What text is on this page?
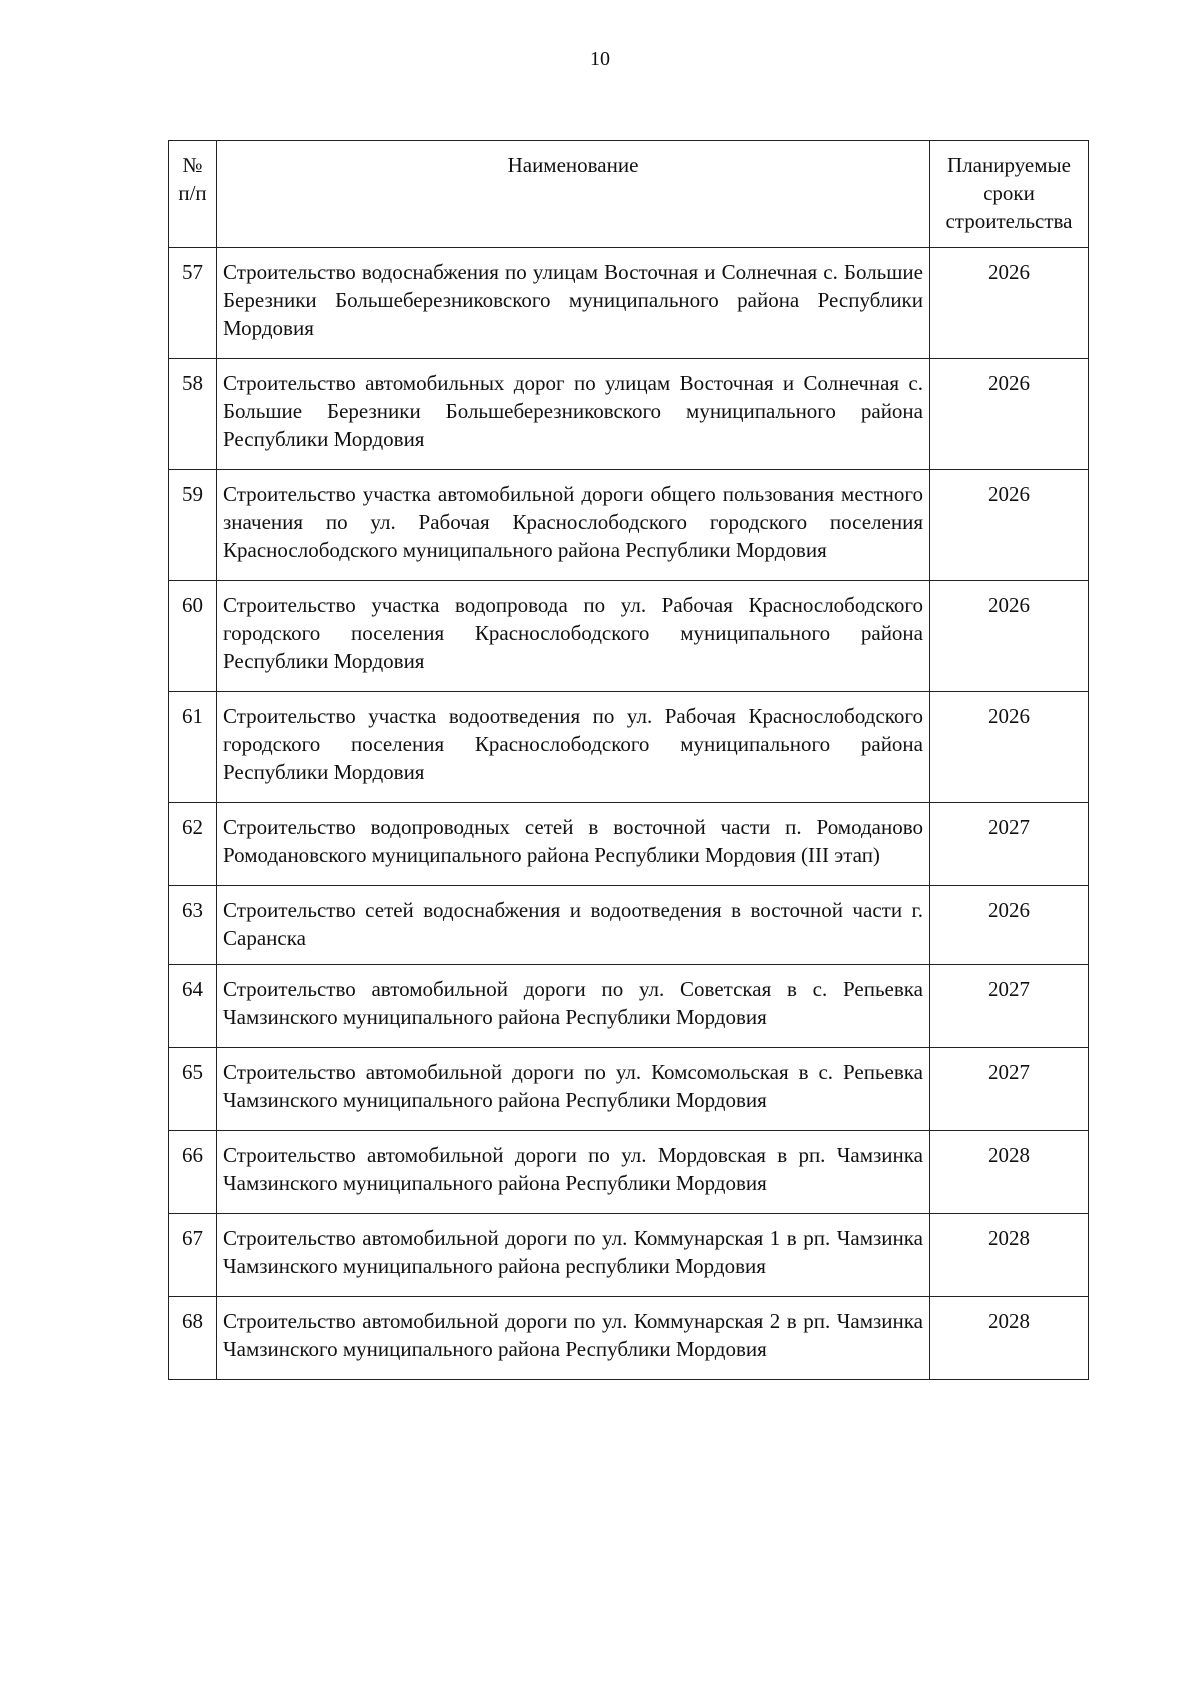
10
№ п/п	Наименование	Планируемые сроки строительства
57	Строительство водоснабжения по улицам Восточная и Солнечная с. Большие Березники Большеберезниковского муниципального района Республики Мордовия	2026
58	Строительство автомобильных дорог по улицам Восточная и Солнечная с. Большие Березники Большеберезниковского муниципального района Республики Мордовия	2026
59	Строительство участка автомобильной дороги общего пользования местного значения по ул. Рабочая Краснослободского городского поселения Краснослободского муниципального района Республики Мордовия	2026
60	Строительство участка водопровода по ул. Рабочая Краснослободского городского поселения Краснослободского муниципального района Республики Мордовия	2026
61	Строительство участка водоотведения по ул. Рабочая Краснослободского городского поселения Краснослободского муниципального района Республики Мордовия	2026
62	Строительство водопроводных сетей в восточной части п. Ромоданово Ромодановского муниципального района Республики Мордовия (III этап)	2027
63	Строительство сетей водоснабжения и водоотведения в восточной части г. Саранска	2026
64	Строительство автомобильной дороги по ул. Советская в с. Репьевка Чамзинского муниципального района Республики Мордовия	2027
65	Строительство автомобильной дороги по ул. Комсомольская в с. Репьевка Чамзинского муниципального района Республики Мордовия	2027
66	Строительство автомобильной дороги по ул. Мордовская в рп. Чамзинка Чамзинского муниципального района Республики Мордовия	2028
67	Строительство автомобильной дороги по ул. Коммунарская 1 в рп. Чамзинка Чамзинского муниципального района республики Мордовия	2028
68	Строительство автомобильной дороги по ул. Коммунарская 2 в рп. Чамзинка Чамзинского муниципального района Республики Мордовия	2028
